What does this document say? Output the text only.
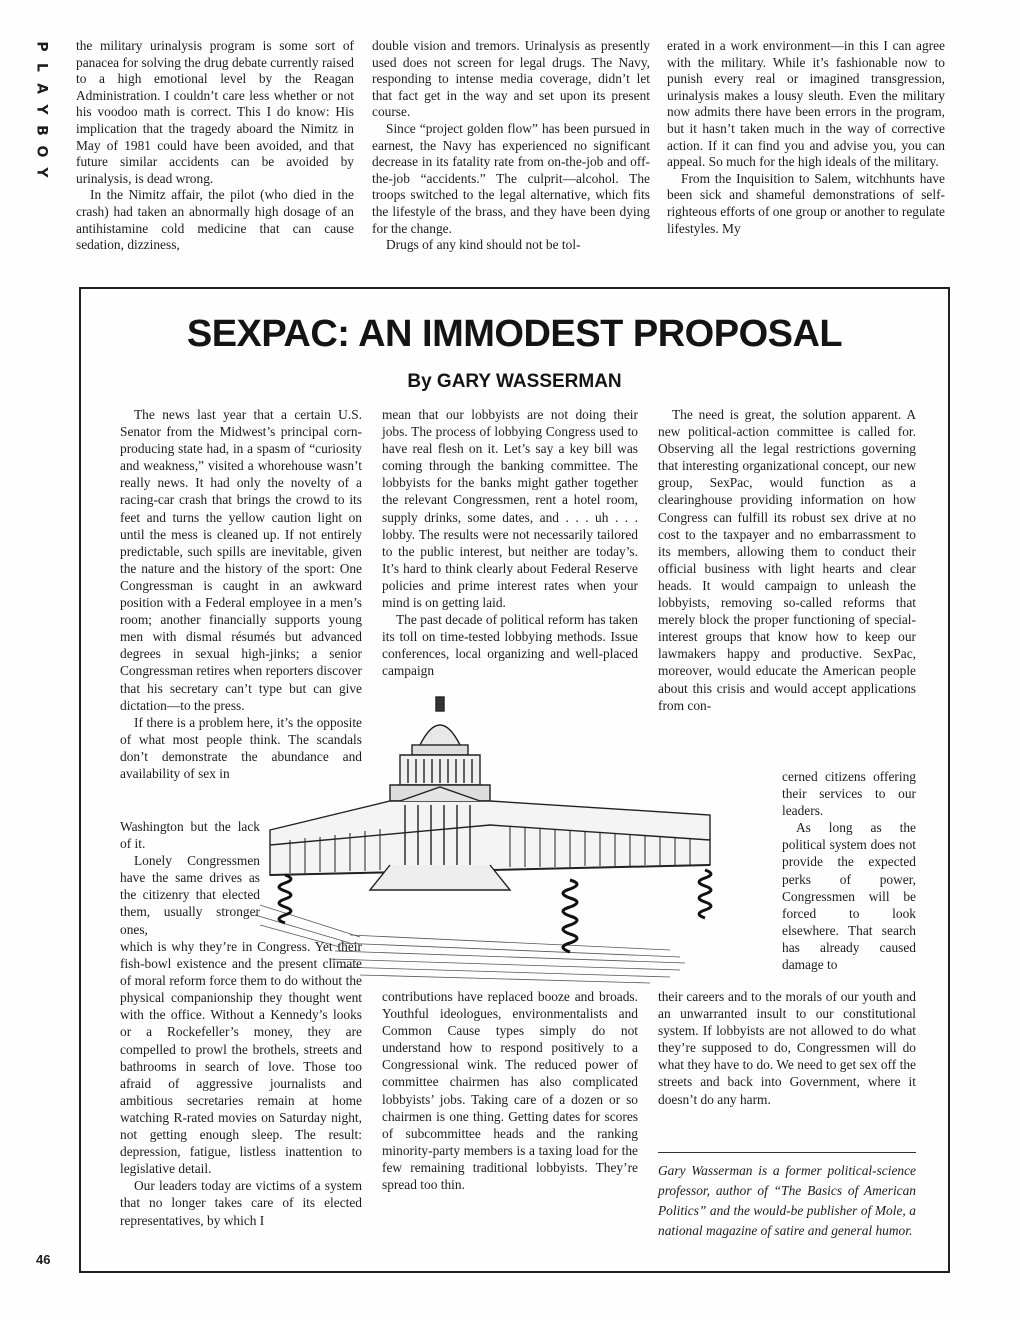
P
L
A
Y
B
O
Y

the military urinalysis program is some sort of panacea for solving the drug debate currently raised to a high emotional level by the Reagan Administration. I couldn’t care less whether or not his voodoo math is correct. This I do know: His implication that the tragedy aboard the Nimitz in May of 1981 could have been avoided, and that future similar accidents can be avoided by urinalysis, is dead wrong.

In the Nimitz affair, the pilot (who died in the crash) had taken an abnormally high dosage of an antihistamine cold medicine that can cause sedation, dizziness,

double vision and tremors. Urinalysis as presently used does not screen for legal drugs. The Navy, responding to intense media coverage, didn’t let that fact get in the way and set upon its present course.

Since “project golden flow” has been pursued in earnest, the Navy has experienced no significant decrease in its fatality rate from on-the-job and off-the-job “accidents.” The culprit—alcohol. The troops switched to the legal alternative, which fits the lifestyle of the brass, and they have been dying for the change.

Drugs of any kind should not be tol-

erated in a work environment—in this I can agree with the military. While it’s fashionable now to punish every real or imagined transgression, urinalysis makes a lousy sleuth. Even the military now admits there have been errors in the program, but it hasn’t taken much in the way of corrective action. If it can find you and advise you, you can appeal. So much for the high ideals of the military.

From the Inquisition to Salem, witchhunts have been sick and shameful demonstrations of self-righteous efforts of one group or another to regulate lifestyles. My

SEXPAC: AN IMMODEST PROPOSAL
By GARY WASSERMAN

The news last year that a certain U.S. Senator from the Midwest’s principal corn-producing state had, in a spasm of “curiosity and weakness,” visited a whorehouse wasn’t really news. It had only the novelty of a racing-car crash that brings the crowd to its feet and turns the yellow caution light on until the mess is cleaned up. If not entirely predictable, such spills are inevitable, given the nature and the history of the sport: One Congressman is caught in an awkward position with a Federal employee in a men’s room; another financially supports young men with dismal résumés but advanced degrees in sexual high-jinks; a senior Congressman retires when reporters discover that his secretary can’t type but can give dictation—to the press.

If there is a problem here, it’s the opposite of what most people think. The scandals don’t demonstrate the abundance and availability of sex in

Washington but the lack of it.

Lonely Congressmen have the same drives as the citizenry that elected them, usually stronger ones,

which is why they’re in Congress. Yet their fish-bowl existence and the present climate of moral reform force them to do without the physical companionship they thought went with the office. Without a Kennedy’s looks or a Rockefeller’s money, they are compelled to prowl the brothels, streets and bathrooms in search of love. Those too afraid of aggressive journalists and ambitious secretaries remain at home watching R-rated movies on Saturday night, not getting enough sleep. The result: depression, fatigue, listless inattention to legislative detail.

Our leaders today are victims of a system that no longer takes care of its elected representatives, by which I

mean that our lobbyists are not doing their jobs. The process of lobbying Congress used to have real flesh on it. Let’s say a key bill was coming through the banking committee. The lobbyists for the banks might gather together the relevant Congressmen, rent a hotel room, supply drinks, some dates, and . . . uh . . . lobby. The results were not necessarily tailored to the public interest, but neither are today’s. It’s hard to think clearly about Federal Reserve policies and prime interest rates when your mind is on getting laid.

The past decade of political reform has taken its toll on time-tested lobbying methods. Issue conferences, local organizing and well-placed campaign

contributions have replaced booze and broads. Youthful ideologues, environmentalists and Common Cause types simply do not understand how to respond positively to a Congressional wink. The reduced power of committee chairmen has also complicated lobbyists’ jobs. Taking care of a dozen or so chairmen is one thing. Getting dates for scores of subcommittee heads and the ranking minority-party members is a taxing load for the few remaining traditional lobbyists. They’re spread too thin.

The need is great, the solution apparent. A new political-action committee is called for. Observing all the legal restrictions governing that interesting organizational concept, our new group, SexPac, would function as a clearinghouse providing information on how Congress can fulfill its robust sex drive at no cost to the taxpayer and no embarrassment to its members, allowing them to conduct their official business with light hearts and clear heads. It would campaign to unleash the lobbyists, removing so-called reforms that merely block the proper functioning of special-interest groups that know how to keep our lawmakers happy and productive. SexPac, moreover, would educate the American people about this crisis and would accept applications from con-

cerned citizens offering their services to our leaders.

As long as the political system does not provide the expected perks of power, Congressmen will be forced to look elsewhere. That search has already caused damage to

their careers and to the morals of our youth and an unwarranted insult to our constitutional system. If lobbyists are not allowed to do what they’re supposed to do, Congressmen will do what they have to do. We need to get sex off the streets and back into Government, where it doesn’t do any harm.

Gary Wasserman is a former political-science professor, author of “The Basics of American Politics” and the would-be publisher of Mole, a national magazine of satire and general humor.
46
